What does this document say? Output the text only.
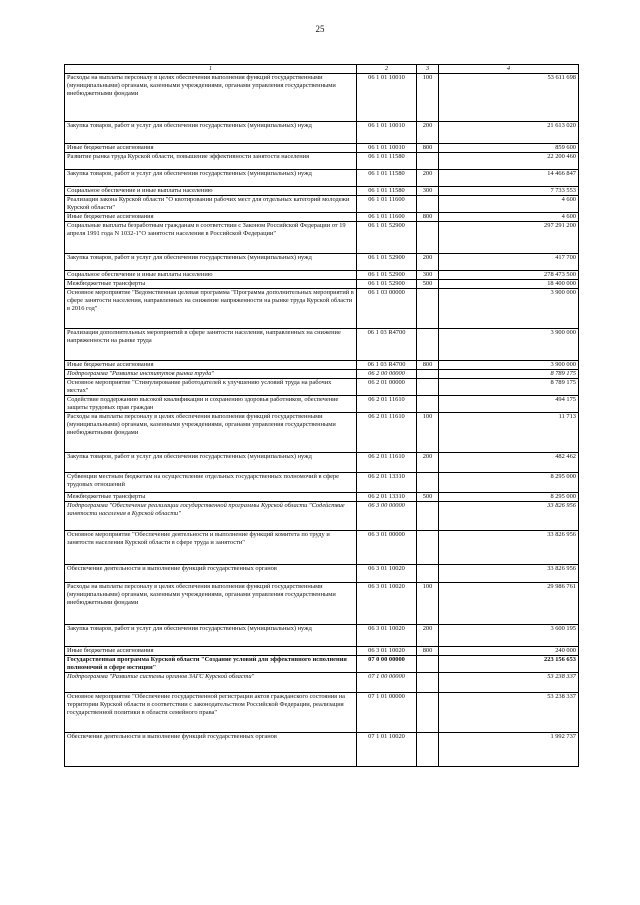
25
1	2	3	4
Расходы на выплаты персоналу в целях обеспечения выполнения функций государственными (муниципальными) органами, казенными учреждениями, органами управления государственными внебюджетными фондами	06 1 01 10010	100	53 611 698
Закупка товаров, работ и услуг для обеспечения государственных (муниципальных) нужд	06 1 01 10010	200	21 613 020
Иные бюджетные ассигнования	06 1 01 10010	800	859 600
Развитие рынка труда Курской области, повышение эффективности занятости населения	06 1 01 11580		22 200 460
Закупка товаров, работ и услуг для обеспечения государственных (муниципальных) нужд	06 1 01 11580	200	14 466 847
Социальное обеспечение и иные выплаты населению	06 1 01 11580	300	7 733 553
Реализация закона Курской области "О квотировании рабочих мест для отдельных категорий молодежи Курской области"	06 1 01 11600		4 600
Иные бюджетные ассигнования	06 1 01 11600	800	4 600
Социальные выплаты безработным гражданам в соответствии с Законом Российской Федерации от 19 апреля 1991 года N 1032-1"О занятости населения в Российской Федерации"	06 1 01 52900		297 291 200
Закупка товаров, работ и услуг для обеспечения государственных (муниципальных) нужд	06 1 01 52900	200	417 700
Социальное обеспечение и иные выплаты населению	06 1 01 52900	300	278 473 500
Межбюджетные трансферты	06 1 01 52900	500	18 400 000
Основное мероприятие "Ведомственная целевая программа "Программа дополнительных мероприятий в сфере занятости населения, направленных на снижение напряженности на рынке труда Курской области в 2016 год"	06 1 03 00000		3 900 000
Реализация дополнительных мероприятий в сфере занятости населения, направленных на снижение напряженности на рынке труда	06 1 03 R4700		3 900 000
Иные бюджетные ассигнования	06 1 03 R4700	800	3 900 000
Подпрограмма "Развитие институтов рынка труда"	06 2 00 00000		8 789 175
Основное мероприятие "Стимулирование работодателей к улучшению условий труда на рабочих местах"	06 2 01 00000		8 789 175
Содействие поддержанию высокой квалификации и сохранению здоровья работников, обеспечение защиты трудовых прав граждан	06 2 01 11610		494 175
Расходы на выплаты персоналу в целях обеспечения выполнения функций государственными (муниципальными) органами, казенными учреждениями, органами управления государственными внебюджетными фондами	06 2 01 11610	100	11 713
Закупка товаров, работ и услуг для обеспечения государственных (муниципальных) нужд	06 2 01 11610	200	482 462
Субвенции местным бюджетам на осуществление отдельных государственных полномочий в сфере трудовых отношений	06 2 01 13310		8 295 000
Межбюджетные трансферты	06 2 01 13310	500	8 295 000
Подпрограмма "Обеспечение реализации государственной программы Курской области "Содействие занятости населения в Курской области"	06 3 00 00000		33 826 956
Основное мероприятие "Обеспечение деятельности и выполнение функций комитета по труду и занятости населения Курской области в сфере труда и занятости"	06 3 01 00000		33 826 956
Обеспечение деятельности и выполнение функций государственных органов	06 3 01 10020		33 826 956
Расходы на выплаты персоналу в целях обеспечения выполнения функций государственными (муниципальными) органами, казенными учреждениями, органами управления государственными внебюджетными фондами	06 3 01 10020	100	29 986 761
Закупка товаров, работ и услуг для обеспечения государственных (муниципальных) нужд	06 3 01 10020	200	3 600 195
Иные бюджетные ассигнования	06 3 01 10020	800	240 000
Государственная программа Курской области "Создание условий для эффективного исполнения полномочий в сфере юстиции"	07 0 00 00000		223 156 653
Подпрограмма "Развитие системы органов ЗАГС Курской области"	07 1 00 00000		53 238 337
Основное мероприятие "Обеспечение государственной регистрации актов гражданского состояния на территории Курской области в соответствии с законодательством Российской Федерации, реализация государственной политики в области семейного права"	07 1 01 00000		53 238 337
Обеспечение деятельности и выполнение функций государственных органов	07 1 01 10020		1 992 737
